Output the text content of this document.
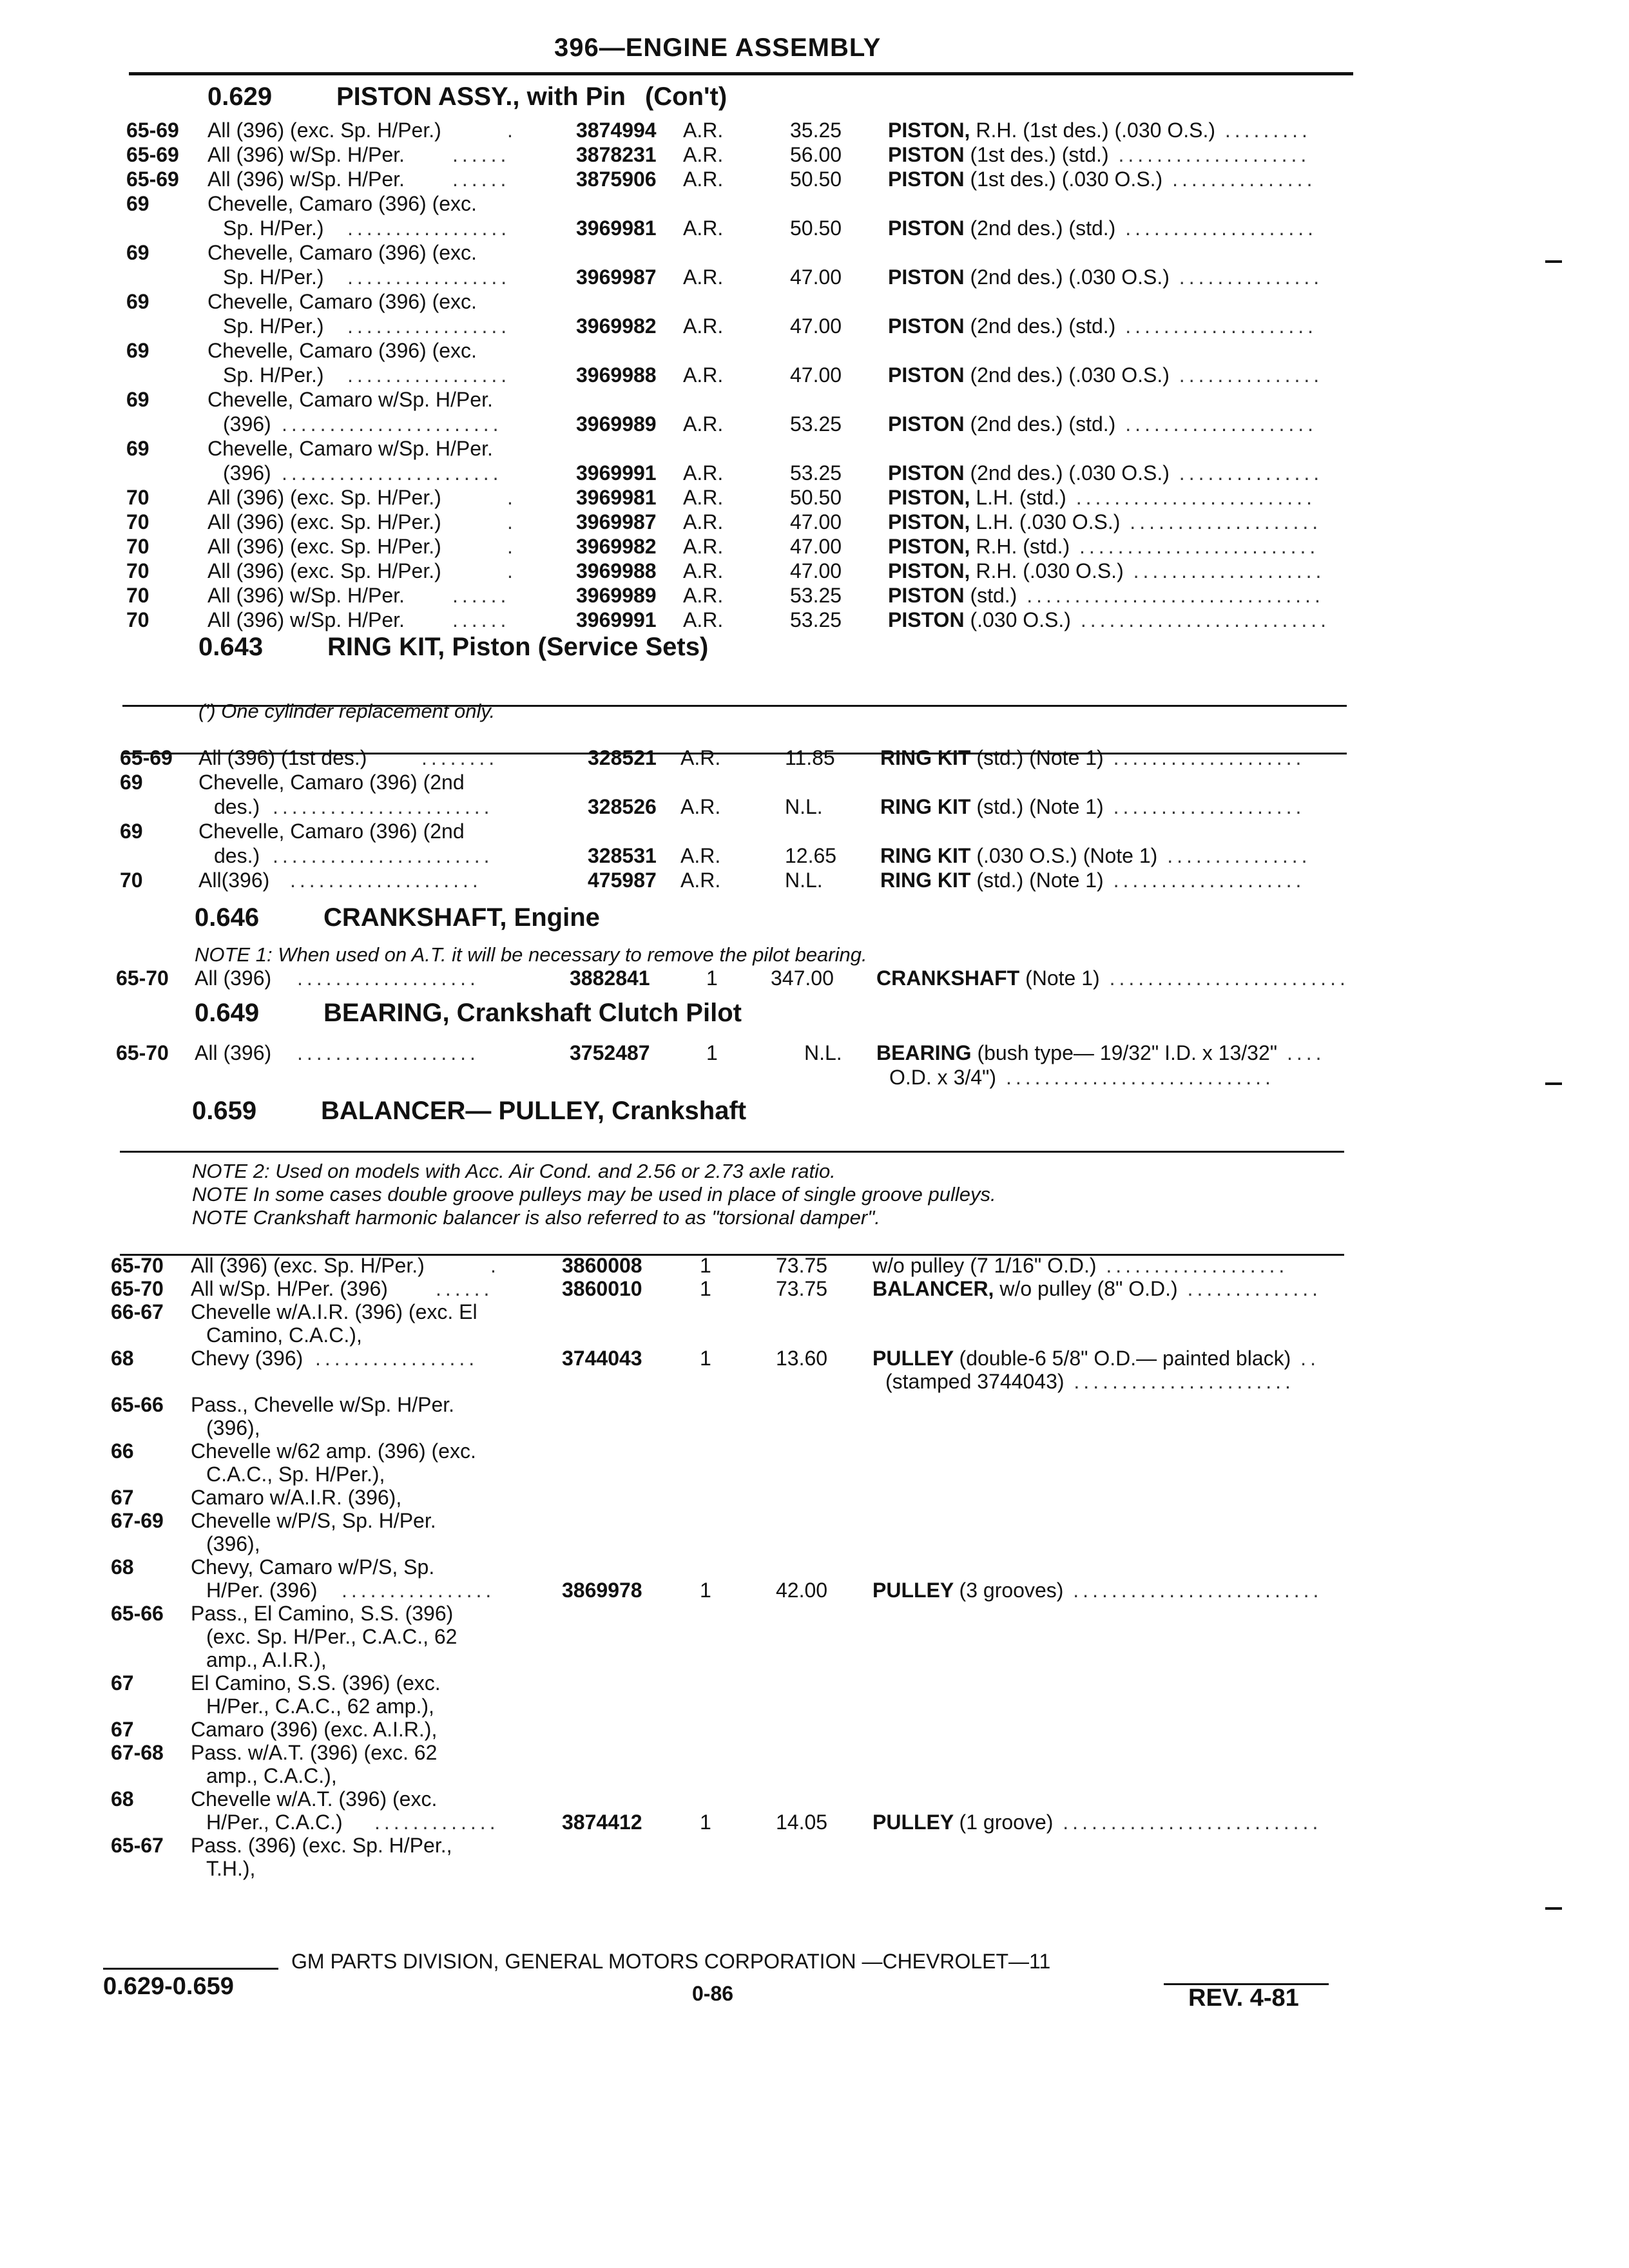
396—ENGINE ASSEMBLY
0.629 PISTON ASSY., with Pin (Con't)
0.643 RING KIT, Piston (Service Sets)
(') One cylinder replacement only.
0.646 CRANKSHAFT, Engine
NOTE 1: When used on A.T. it will be necessary to remove the pilot bearing.
0.649 BEARING, Crankshaft Clutch Pilot
0.659 BALANCER— PULLEY, Crankshaft
NOTE 2: Used on models with Acc. Air Cond. and 2.56 or 2.73 axle ratio.
NOTE In some cases double groove pulleys may be used in place of single groove pulleys.
NOTE Crankshaft harmonic balancer is also referred to as "torsional damper".
65-69 All (396) (exc. Sp. H/Per.)	.	3874994 A.R.	35.25 PISTON, R.H. (1st des.) (.030 O.S.) .........
65-69 All (396) w/Sp. H/Per. ......	3878231 A.R.	56.00 PISTON (1st des.) (std.) ....................
65-69 All (396) w/Sp. H/Per. ......	3875906 A.R.	50.50 PISTON (1st des.) (.030 O.S.) ...............
69	Chevelle, Camaro (396) (exc.
Sp. H/Per.) .................	3969981 A.R.	50.50 PISTON (2nd des.) (std.) ....................
69	Chevelle, Camaro (396) (exc.
Sp. H/Per.) .................	3969987 A.R.	47.00 PISTON (2nd des.) (.030 O.S.) ...............
69	Chevelle, Camaro (396) (exc.
Sp. H/Per.) .................	3969982 A.R.	47.00 PISTON (2nd des.) (std.) ....................
69	Chevelle, Camaro (396) (exc.
Sp. H/Per.) .................	3969988 A.R.	47.00 PISTON (2nd des.) (.030 O.S.) ...............
69	Chevelle, Camaro w/Sp. H/Per.
(396) .......................	3969989 A.R.	53.25 PISTON (2nd des.) (std.) ....................
69	Chevelle, Camaro w/Sp. H/Per.
(396) .......................	3969991 A.R.	53.25 PISTON (2nd des.) (.030 O.S.) ...............
70	All (396) (exc. Sp. H/Per.)	.	3969981 A.R.	50.50 PISTON, L.H. (std.) .........................
70	All (396) (exc. Sp. H/Per.)	.	3969987 A.R.	47.00 PISTON, L.H. (.030 O.S.) ....................
70	All (396) (exc. Sp. H/Per.)	.	3969982 A.R.	47.00 PISTON, R.H. (std.) .........................
70	All (396) (exc. Sp. H/Per.)	.	3969988 A.R.	47.00 PISTON, R.H. (.030 O.S.) ....................
70	All (396) w/Sp. H/Per. ......	3969989 A.R.	53.25 PISTON (std.) ...............................
70	All (396) w/Sp. H/Per. ......	3969991 A.R.	53.25 PISTON (.030 O.S.) ..........................
65-69 All (396) (1st des.)	........	328521 A.R.	11.85 RING KIT (std.) (Note 1) ....................
69	Chevelle, Camaro (396) (2nd
des.) .......................	328526 A.R.	N.L.	RING KIT (std.) (Note 1) ....................
69	Chevelle, Camaro (396) (2nd
des.) .......................	328531 A.R.	12.65 RING KIT (.030 O.S.) (Note 1) ...............
70	All(396) ....................	475987 A.R.	N.L.	RING KIT (std.) (Note 1) ....................
65-70 All (396) ...................	3882841	1	347.00 CRANKSHAFT (Note 1) .........................
65-70 All (396) ...................	3752487	1	N.L. BEARING (bush type— 19/32" I.D. x 13/32" ....
O.D. x 3/4") ............................
65-70 All (396) (exc. Sp. H/Per.)	.	3860008	1	73.75 w/o pulley (7 1/16" O.D.) ...................
65-70 All w/Sp. H/Per. (396) ......	3860010	1	73.75 BALANCER, w/o pulley (8" O.D.) ..............
66-67 Chevelle w/A.I.R. (396) (exc. El
Camino, C.A.C.),
68	Chevy (396) .................	3744043	1	13.60 PULLEY (double-6 5/8" O.D.— painted black) ..
(stamped 3744043) .......................
65-66 Pass., Chevelle w/Sp. H/Per.
(396),
66	Chevelle w/62 amp. (396) (exc.
C.A.C., Sp. H/Per.),
67	Camaro w/A.I.R. (396),
67-69 Chevelle w/P/S, Sp. H/Per.
(396),
68	Chevy, Camaro w/P/S, Sp.
H/Per. (396) ................	3869978	1	42.00 PULLEY (3 grooves) ..........................
65-66 Pass., El Camino, S.S. (396)
(exc. Sp. H/Per., C.A.C., 62
amp., A.I.R.),
67	El Camino, S.S. (396) (exc.
H/Per., C.A.C., 62 amp.),
67	Camaro (396) (exc. A.I.R.),
67-68 Pass. w/A.T. (396) (exc. 62
amp., C.A.C.),
68	Chevelle w/A.T. (396) (exc.
H/Per., C.A.C.) .............	3874412	1	14.05 PULLEY (1 groove) ...........................
65-67 Pass. (396) (exc. Sp. H/Per.,
T.H.),
GM PARTS DIVISION, GENERAL MOTORS CORPORATION —CHEVROLET—11
0.629-0.659	0-86	REV. 4-81
